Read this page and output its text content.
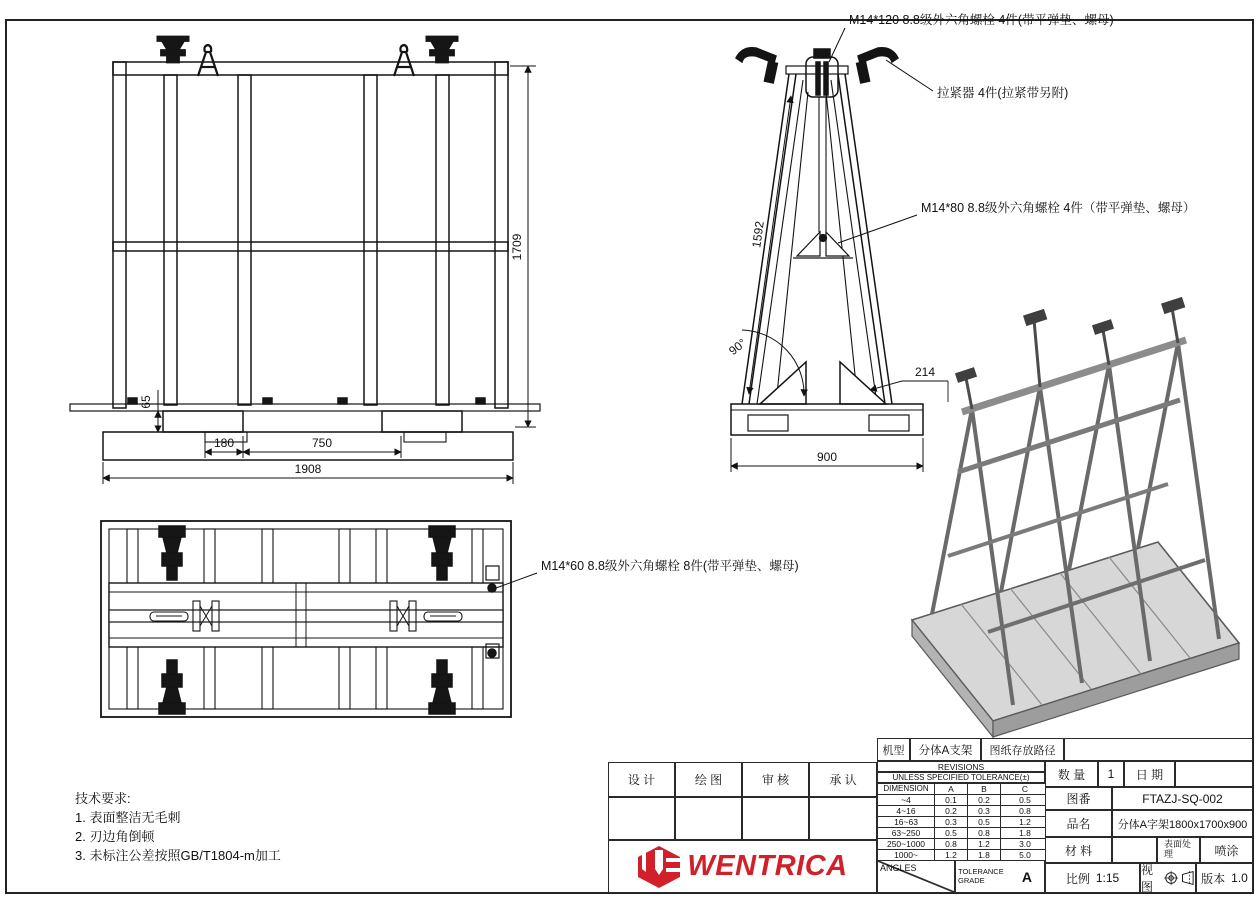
1709
65
180	750
1908
1592
90°
214
900
M14*120 8.8级外六角螺栓 4件(带平弹垫、螺母)
拉紧器 4件(拉紧带另附)
M14*80 8.8级外六角螺栓 4件（带平弹垫、螺母）
M14*60 8.8级外六角螺栓 8件(带平弹垫、螺母)
技术要求:
1. 表面整洁无毛刺
2. 刃边角倒顿
3. 未标注公差按照GB/T1804-m加工
机型	分体A支架	图纸存放路径
设 计	绘 图	审 核	承 认
WENTRICA
REVISIONS
UNLESS SPECIFIED TOLERANCE(±)
DIMENSION	A	B	C
~4	0.1	0.2	0.5
4~16	0.2	0.3	0.8
16~63	0.3	0.5	1.2
63~250	0.5	0.8	1.8
250~1000	0.8	1.2	3.0
1000~	1.2	1.8	5.0
ANGLES	TOLERANCE GRADE	A
数 量	1	日 期
图番	FTAZJ-SQ-002
品名	分体A字架1800x1700x900
材 料	表面处理	喷涂
比例 1:15
视图
版本 1.0
